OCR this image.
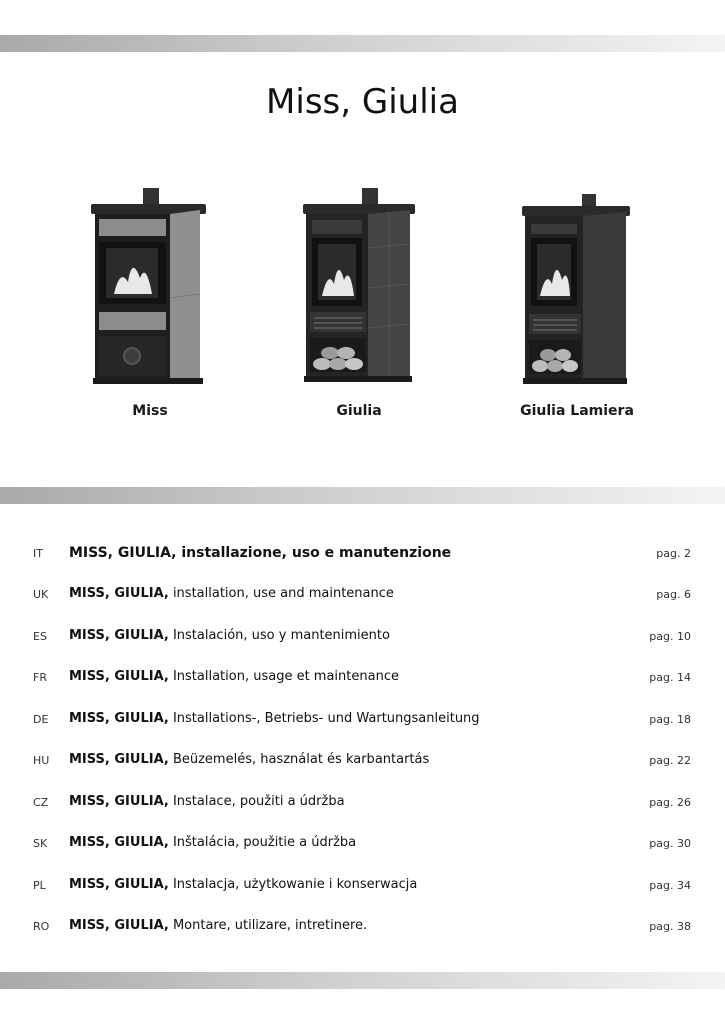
Miss, Giulia
Miss	Giulia	Giulia Lamiera
IT MISS, GIULIA, installazione, uso e manutenzione	pag. 2
UK MISS, GIULIA, installation, use and maintenance	pag. 6
ES MISS, GIULIA, Instalación, uso y mantenimiento	pag. 10
FR MISS, GIULIA, Installation, usage et maintenance	pag. 14
DE MISS, GIULIA, Installations-, Betriebs- und Wartungsanleitung	pag. 18
HU MISS, GIULIA, Beüzemelés, használat és karbantartás	pag. 22
CZ MISS, GIULIA, Instalace, použiti a údržba	pag. 26
SK MISS, GIULIA, Inštalácia, použitie a údržba	pag. 30
PL MISS, GIULIA, Instalacja, użytkowanie i konserwacja	pag. 34
RO MISS, GIULIA, Montare, utilizare, intretinere.	pag. 38
